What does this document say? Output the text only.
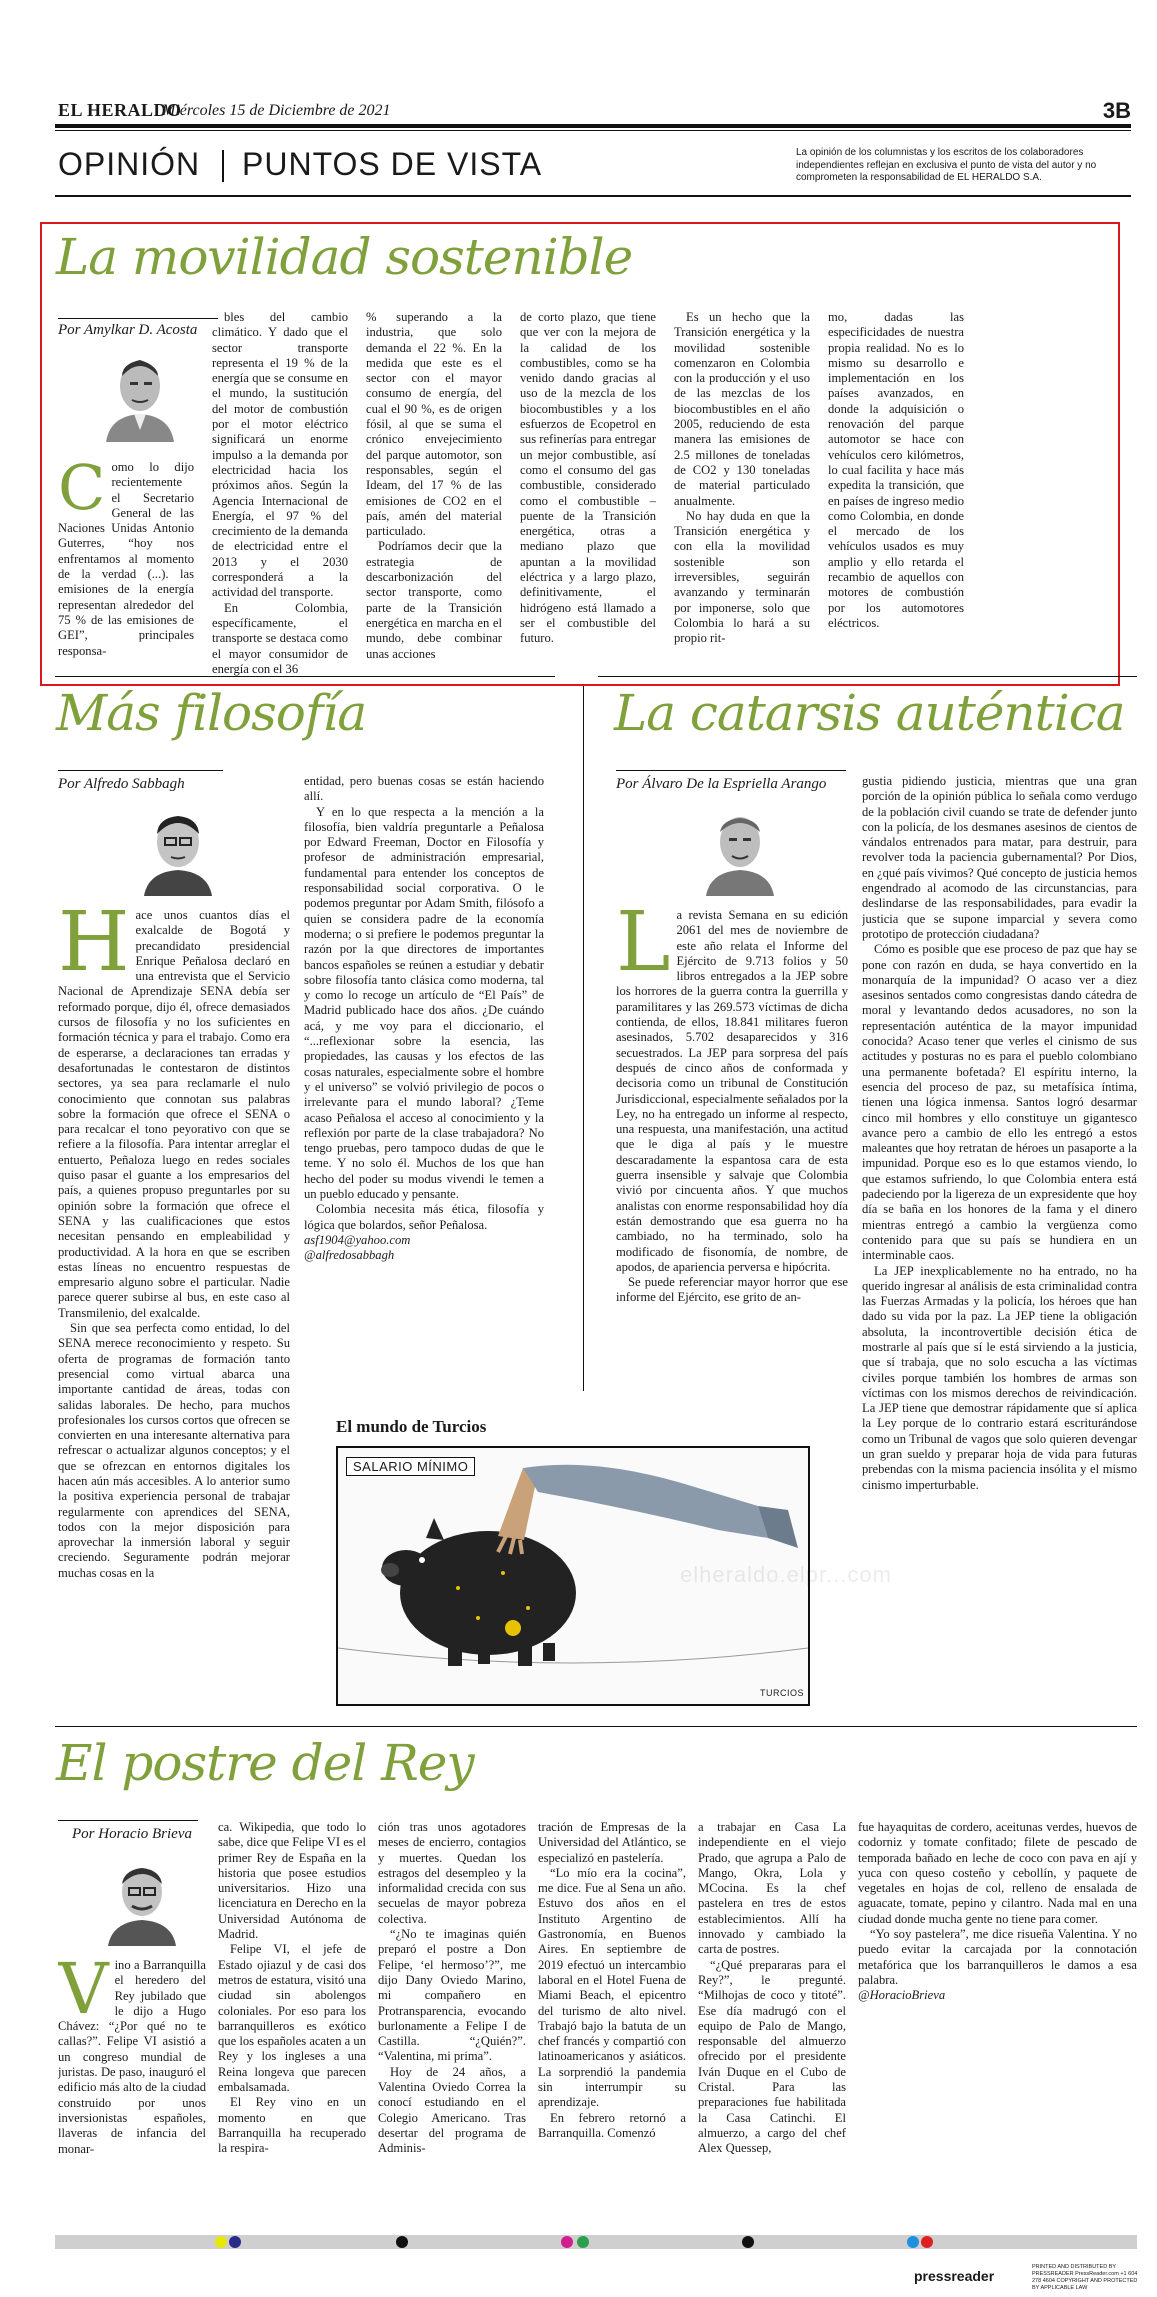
EL HERALDO
Miércoles 15 de Diciembre de 2021	3B
OPINIÓN PUNTOS DE VISTA	La opinión de los columnistas y los escritos de los colaboradores independientes reflejan en exclusiva el punto de vista del autor y no comprometen la responsabilidad de EL HERALDO S.A.
La movilidad sostenible
Por Amylkar D. Acosta
Como lo dijo recientemente el Secretario General de las Naciones Unidas Antonio Guterres, “hoy nos enfrentamos al momento de la verdad (...). las emisiones de la energía representan alrededor del 75 % de las emisiones de GEI”, principales responsa-

bles del cambio climático. Y dado que el sector transporte representa el 19 % de la energía que se consume en el mundo, la sustitución del motor de combustión por el motor eléctrico significará un enorme impulso a la demanda por electricidad hacia los próximos años. Según la Agencia Internacional de Energía, el 97 % del crecimiento de la demanda de electricidad entre el 2013 y el 2030 corresponderá a la actividad del transporte.

En Colombia, específicamente, el transporte se destaca como el mayor consumidor de energía con el 36

% superando a la industria, que solo demanda el 22 %. En la medida que este es el sector con el mayor consumo de energía, del cual el 90 %, es de origen fósil, al que se suma el crónico envejecimiento del parque automotor, son responsables, según el Ideam, del 17 % de las emisiones de CO2 en el país, amén del material particulado.

Podríamos decir que la estrategia de descarbonización del sector transporte, como parte de la Transición energética en marcha en el mundo, debe combinar unas acciones

de corto plazo, que tiene que ver con la mejora de la calidad de los combustibles, como se ha venido dando gracias al uso de la mezcla de los biocombustibles y a los esfuerzos de Ecopetrol en sus refinerías para entregar un mejor combustible, así como el consumo del gas combustible, considerado como el combustible – puente de la Transición energética, otras a mediano plazo que apuntan a la movilidad eléctrica y a largo plazo, definitivamente, el hidrógeno está llamado a ser el combustible del futuro.

Es un hecho que la Transición energética y la movilidad sostenible comenzaron en Colombia con la producción y el uso de las mezclas de los biocombustibles en el año 2005, reduciendo de esta manera las emisiones de 2.5 millones de toneladas de CO2 y 130 toneladas de material particulado anualmente.

No hay duda en que la Transición energética y con ella la movilidad sostenible son irreversibles, seguirán avanzando y terminarán por imponerse, solo que Colombia lo hará a su propio rit-

mo, dadas las especificidades de nuestra propia realidad. No es lo mismo su desarrollo e implementación en los países avanzados, en donde la adquisición o renovación del parque automotor se hace con vehículos cero kilómetros, lo cual facilita y hace más expedita la transición, que en países de ingreso medio como Colombia, en donde el mercado de los vehículos usados es muy amplio y ello retarda el recambio de aquellos con motores de combustión por los automotores eléctricos.

Más filosofía
Por Alfredo Sabbagh
Hace unos cuantos días el exalcalde de Bogotá y precandidato presidencial Enrique Peñalosa declaró en una entrevista que el Servicio Nacional de Aprendizaje SENA debía ser reformado porque, dijo él, ofrece demasiados cursos de filosofía y no los suficientes en formación técnica y para el trabajo. Como era de esperarse, a declaraciones tan erradas y desafortunadas le contestaron de distintos sectores, ya sea para reclamarle el nulo conocimiento que connotan sus palabras sobre la formación que ofrece el SENA o para recalcar el tono peyorativo con que se refiere a la filosofía. Para intentar arreglar el entuerto, Peñaloza luego en redes sociales quiso pasar el guante a los empresarios del país, a quienes propuso preguntarles por su opinión sobre la formación que ofrece el SENA y las cualificaciones que estos necesitan pensando en empleabilidad y productividad. A la hora en que se escriben estas líneas no encuentro respuestas de empresario alguno sobre el particular. Nadie parece querer subirse al bus, en este caso al Transmilenio, del exalcalde.

Sin que sea perfecta como entidad, lo del SENA merece reconocimiento y respeto. Su oferta de programas de formación tanto presencial como virtual abarca una importante cantidad de áreas, todas con salidas laborales. De hecho, para muchos profesionales los cursos cortos que ofrecen se convierten en una interesante alternativa para refrescar o actualizar algunos conceptos; y el que se ofrezcan en entornos digitales los hacen aún más accesibles. A lo anterior sumo la positiva experiencia personal de trabajar regularmente con aprendices del SENA, todos con la mejor disposición para aprovechar la inmersión laboral y seguir creciendo. Seguramente podrán mejorar muchas cosas en la

entidad, pero buenas cosas se están haciendo allí.

Y en lo que respecta a la mención a la filosofía, bien valdría preguntarle a Peñalosa por Edward Freeman, Doctor en Filosofía y profesor de administración empresarial, fundamental para entender los conceptos de responsabilidad social corporativa. O le podemos preguntar por Adam Smith, filósofo a quien se considera padre de la economía moderna; o si prefiere le podemos preguntar la razón por la que directores de importantes bancos españoles se reúnen a estudiar y debatir sobre filosofía tanto clásica como moderna, tal y como lo recoge un artículo de “El País” de Madrid publicado hace dos años. ¿De cuándo acá, y me voy para el diccionario, el “...reflexionar sobre la esencia, las propiedades, las causas y los efectos de las cosas naturales, especialmente sobre el hombre y el universo” se volvió privilegio de pocos o irrelevante para el mundo laboral? ¿Teme acaso Peñalosa el acceso al conocimiento y la reflexión por parte de la clase trabajadora? No tengo pruebas, pero tampoco dudas de que le teme. Y no solo él. Muchos de los que han hecho del poder su modus vivendi le temen a un pueblo educado y pensante.

Colombia necesita más ética, filosofía y lógica que bolardos, señor Peñalosa.

asf1904@yahoo.com
@alfredosabbagh
La catarsis auténtica
Por Álvaro De la Espriella Arango
La revista Semana en su edición 2061 del mes de noviembre de este año relata el Informe del Ejército de 9.713 folios y 50 libros entregados a la JEP sobre los horrores de la guerra contra la guerrilla y paramilitares y las 269.573 víctimas de dicha contienda, de ellos, 18.841 militares fueron asesinados, 5.702 desaparecidos y 316 secuestrados. La JEP para sorpresa del país después de cinco años de conformada y decisoria como un tribunal de Constitución Jurisdiccional, especialmente señalados por la Ley, no ha entregado un informe al respecto, una respuesta, una manifestación, una actitud que le diga al país y le muestre descaradamente la espantosa cara de esta guerra insensible y salvaje que Colombia vivió por cincuenta años. Y que muchos analistas con enorme responsabilidad hoy día están demostrando que esa guerra no ha cambiado, no ha terminado, solo ha modificado de fisonomía, de nombre, de apodos, de apariencia perversa e hipócrita.

Se puede referenciar mayor horror que ese informe del Ejército, ese grito de an-

gustia pidiendo justicia, mientras que una gran porción de la opinión pública lo señala como verdugo de la población civil cuando se trate de defender junto con la policía, de los desmanes asesinos de cientos de vándalos entrenados para matar, para destruir, para revolver toda la paciencia gubernamental? Por Dios, en ¿qué país vivimos? Qué concepto de justicia hemos engendrado al acomodo de las circunstancias, para deslindarse de las responsabilidades, para evadir la justicia que se supone imparcial y severa como prototipo de protección ciudadana?

Cómo es posible que ese proceso de paz que hay se pone con razón en duda, se haya convertido en la monarquía de la impunidad? O acaso ver a diez asesinos sentados como congresistas dando cátedra de moral y levantando dedos acusadores, no son la representación auténtica de la mayor impunidad conocida? Acaso tener que verles el cinismo de sus actitudes y posturas no es para el pueblo colombiano una permanente bofetada? El espíritu interno, la esencia del proceso de paz, su metafísica íntima, tienen una lógica inmensa. Santos logró desarmar cinco mil hombres y ello constituye un gigantesco avance pero a cambio de ello les entregó a estos maleantes que hoy retratan de héroes un pasaporte a la impunidad. Porque eso es lo que estamos viendo, lo que estamos sufriendo, lo que Colombia entera está padeciendo por la ligereza de un expresidente que hoy día se baña en los honores de la fama y el dinero mientras entregó a cambio la vergüenza como contenido para que su país se hundiera en un interminable caos.

La JEP inexplicablemente no ha entrado, no ha querido ingresar al análisis de esta criminalidad contra las Fuerzas Armadas y la policía, los héroes que han dado su vida por la paz. La JEP tiene la obligación absoluta, la incontrovertible decisión ética de mostrarle al país que sí le está sirviendo a la justicia, que sí trabaja, que no solo escucha a las víctimas civiles porque también los hombres de armas son víctimas con los mismos derechos de reivindicación. La JEP tiene que demostrar rápidamente que sí aplica la Ley porque de lo contrario estará escriturándose como un Tribunal de vagos que solo quieren devengar un gran sueldo y preparar hoja de vida para futuras prebendas con la misma paciencia insólita y el mismo cinismo imperturbable.

El mundo de Turcios
SALARIO MÍNIMO
TURCIOS
elheraldo.elpr...com
El postre del Rey
Por Horacio Brieva
Vino a Barranquilla el heredero del Rey jubilado que le dijo a Hugo Chávez: “¿Por qué no te callas?”. Felipe VI asistió a un congreso mundial de juristas. De paso, inauguró el edificio más alto de la ciudad construido por unos inversionistas españoles, llaveras de infancia del monar-

ca. Wikipedia, que todo lo sabe, dice que Felipe VI es el primer Rey de España en la historia que posee estudios universitarios. Hizo una licenciatura en Derecho en la Universidad Autónoma de Madrid.

Felipe VI, el jefe de Estado ojiazul y de casi dos metros de estatura, visitó una ciudad sin abolengos coloniales. Por eso para los barranquilleros es exótico que los españoles acaten a un Rey y los ingleses a una Reina longeva que parecen embalsamada.

El Rey vino en un momento en que Barranquilla ha recuperado la respira-

ción tras unos agotadores meses de encierro, contagios y muertes. Quedan los estragos del desempleo y la informalidad crecida con sus secuelas de mayor pobreza colectiva.

“¿No te imaginas quién preparó el postre a Don Felipe, ‘el hermoso’?”, me dijo Dany Oviedo Marino, mi compañero en Protransparencia, evocando burlonamente a Felipe I de Castilla. “¿Quién?”. “Valentina, mi prima”.

Hoy de 24 años, a Valentina Oviedo Correa la conocí estudiando en el Colegio Americano. Tras desertar del programa de Adminis-

tración de Empresas de la Universidad del Atlántico, se especializó en pastelería.

“Lo mío era la cocina”, me dice. Fue al Sena un año. Estuvo dos años en el Instituto Argentino de Gastronomía, en Buenos Aires. En septiembre de 2019 efectuó un intercambio laboral en el Hotel Fuena de Miami Beach, el epicentro del turismo de alto nivel. Trabajó bajo la batuta de un chef francés y compartió con latinoamericanos y asiáticos. La sorprendió la pandemia sin interrumpir su aprendizaje.

En febrero retornó a Barranquilla. Comenzó

a trabajar en Casa La independiente en el viejo Prado, que agrupa a Palo de Mango, Okra, Lola y MCocina. Es la chef pastelera en tres de estos establecimientos. Allí ha innovado y cambiado la carta de postres.

“¿Qué prepararas para el Rey?”, le pregunté. “Milhojas de coco y titoté”. Ese día madrugó con el equipo de Palo de Mango, responsable del almuerzo ofrecido por el presidente Iván Duque en el Cubo de Cristal. Para las preparaciones fue habilitada la Casa Catinchi. El almuerzo, a cargo del chef Alex Quessep,

fue hayaquitas de cordero, aceitunas verdes, huevos de codorniz y tomate confitado; filete de pescado de temporada bañado en leche de coco con pava en ají y yuca con queso costeño y cebollín, y paquete de vegetales en hojas de col, relleno de ensalada de aguacate, tomate, pepino y cilantro. Nada mal en una ciudad donde mucha gente no tiene para comer.

“Yo soy pastelera”, me dice risueña Valentina. Y no puedo evitar la carcajada por la connotación metafórica que los barranquilleros le damos a esa palabra.

@HoracioBrieva
pressreader
PRINTED AND DISTRIBUTED BY PRESSREADER PressReader.com +1 604 278 4604 COPYRIGHT AND PROTECTED BY APPLICABLE LAW
